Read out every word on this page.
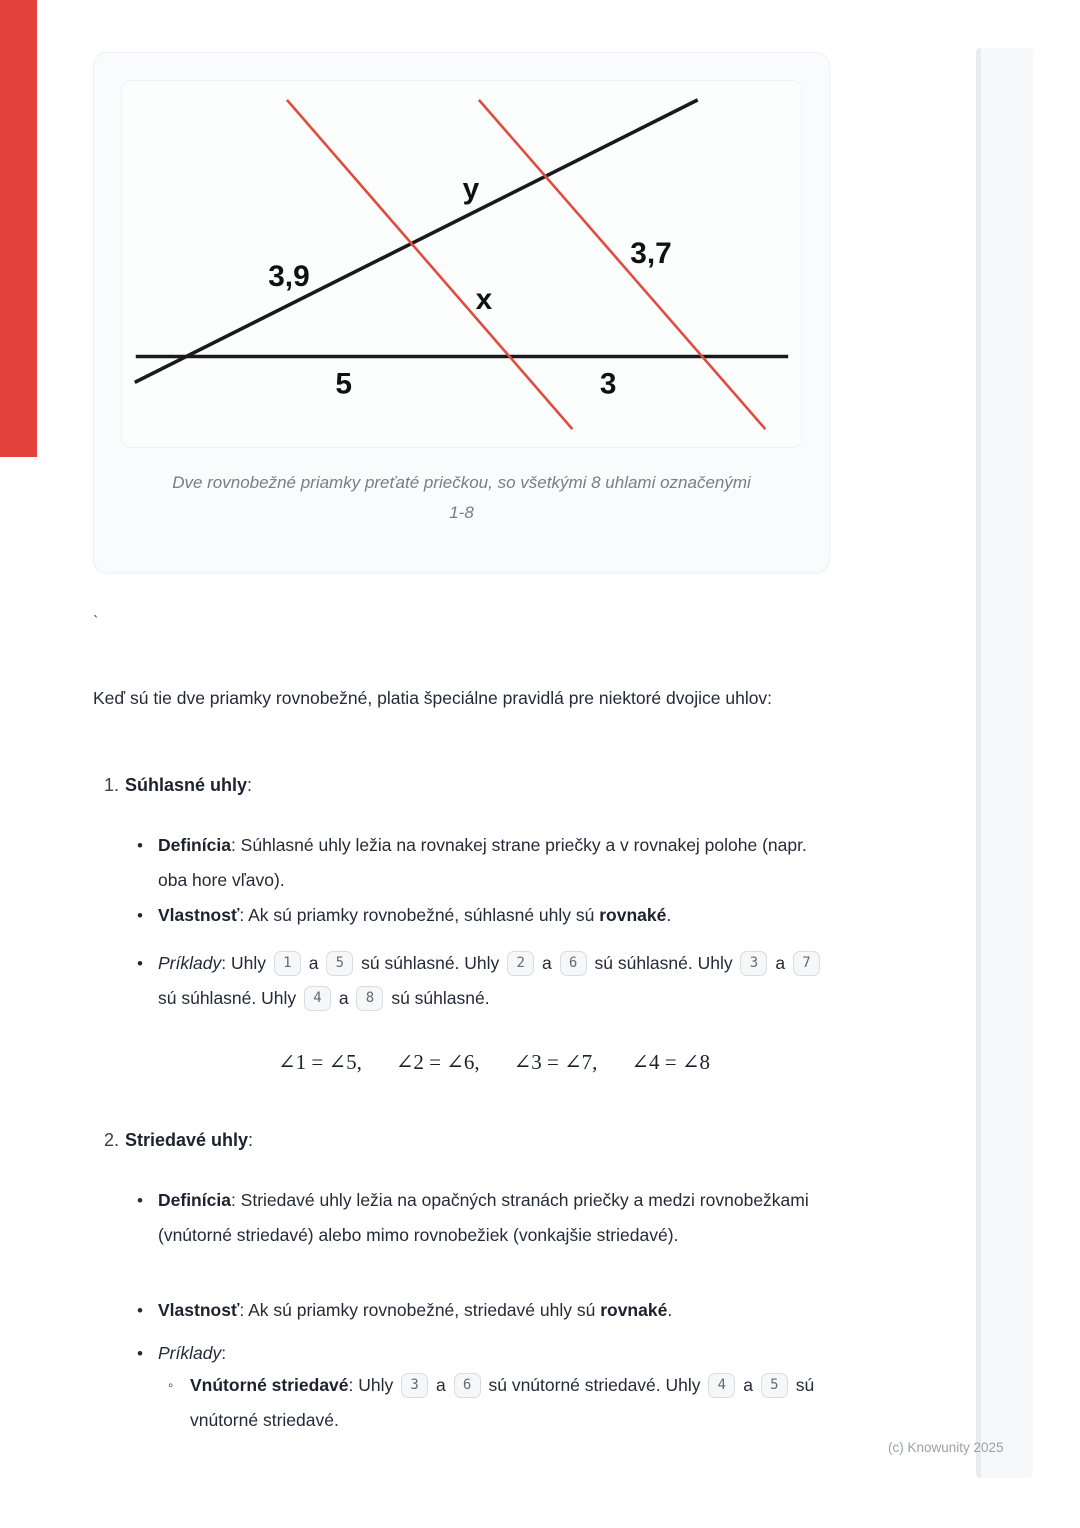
y
3,9
3,7
x
5	3
Dve rovnobežné priamky preťaté priečkou, so všetkými 8 uhlami označenými
1-8
`
Keď sú tie dve priamky rovnobežné, platia špeciálne pravidlá pre niektoré dvojice uhlov:
1. Súhlasné uhly:
• Definícia: Súhlasné uhly ležia na rovnakej strane priečky a v rovnakej polohe (napr. oba hore vľavo).
• Vlastnosť: Ak sú priamky rovnobežné, súhlasné uhly sú rovnaké.
• Príklady: Uhly 1 a 5 sú súhlasné. Uhly 2 a 6 sú súhlasné. Uhly 3 a 7 sú súhlasné. Uhly 4 a 8 sú súhlasné.
∠1 = ∠5, ∠2 = ∠6, ∠3 = ∠7, ∠4 = ∠8
2. Striedavé uhly:
• Definícia: Striedavé uhly ležia na opačných stranách priečky a medzi rovnobežkami (vnútorné striedavé) alebo mimo rovnobežiek (vonkajšie striedavé).
• Vlastnosť: Ak sú priamky rovnobežné, striedavé uhly sú rovnaké.
• Príklady:
◦ Vnútorné striedavé: Uhly 3 a 6 sú vnútorné striedavé. Uhly 4 a 5 sú vnútorné striedavé.
(c) Knowunity 2025
